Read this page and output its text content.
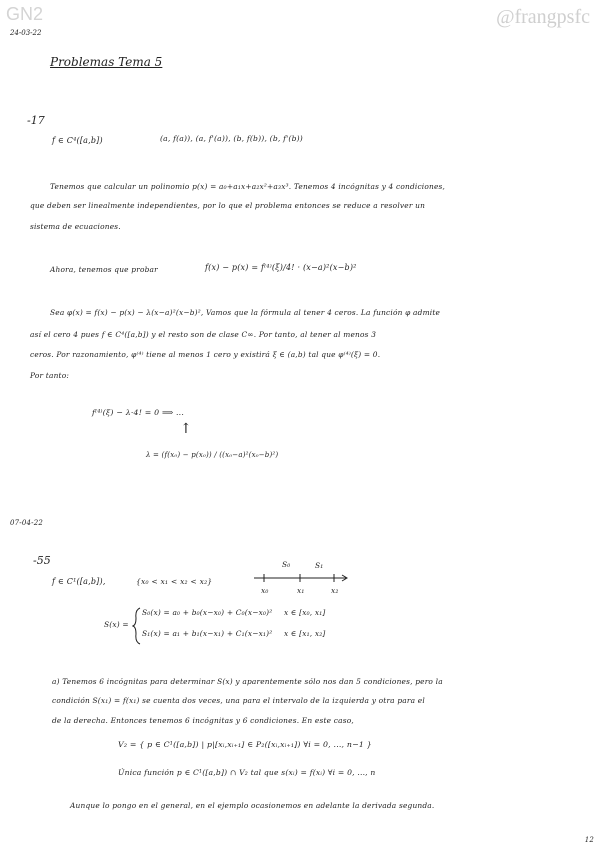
GN2	@frangpsfc
24-03-22
Problemas Tema 5
-17
f ∈ C⁴([a,b])	(a, f(a)), (a, f'(a)), (b, f(b)), (b, f'(b))
Tenemos que calcular un polinomio p(x) = a₀+a₁x+a₂x²+a₃x³. Tenemos 4 incógnitas y 4 condiciones,
que deben ser linealmente independientes, por lo que el problema entonces se reduce a resolver un
sistema de ecuaciones.
Ahora, tenemos que probar	f(x) − p(x) = f⁽⁴⁾(ξ)/4! · (x−a)²(x−b)²
Sea φ(x) = f(x) − p(x) − λ(x−a)²(x−b)², Vamos que la fórmula al tener 4 ceros. La función φ admite
así el cero 4 pues f ∈ C⁴([a,b]) y el resto son de clase C∞. Por tanto, al tener al menos 3
ceros. Por razonamiento, φ⁽⁴⁾ tiene al menos 1 cero y existirá ξ ∈ (a,b) tal que φ⁽⁴⁾(ξ) = 0.
Por tanto:
f⁽⁴⁾(ξ) − λ·4! = 0 ⟹ ...
↑
λ = (f(x₀) − p(x₀)) / ((x₀−a)²(x₀−b)²)
07-04-22
-55
f ∈ C¹([a,b]),	{x₀ < x₁ < x₂ < x₂}
S₀	S₁
x₀	x₁	x₂
S(x) =
S₀(x) = a₀ + b₀(x−x₀) + C₀(x−x₀)² x ∈ [x₀, x₁]
S₁(x) = a₁ + b₁(x−x₁) + C₁(x−x₁)² x ∈ [x₁, x₂]
a) Tenemos 6 incógnitas para determinar S(x) y aparentemente sólo nos dan 5 condiciones, pero la
condición S(x₁) = f(x₁) se cuenta dos veces, una para el intervalo de la izquierda y otra para el
de la derecha. Entonces tenemos 6 incógnitas y 6 condiciones. En este caso,
V₂ = { p ∈ C¹([a,b]) | p|[xᵢ,xᵢ₊₁] ∈ P₂([xᵢ,xᵢ₊₁]) ∀i = 0, ..., n−1 }
Única función p ∈ C¹([a,b]) ∩ V₂ tal que s(xᵢ) = f(xᵢ) ∀i = 0, ..., n
Aunque lo pongo en el general, en el ejemplo ocasionemos en adelante la derivada segunda.
12
